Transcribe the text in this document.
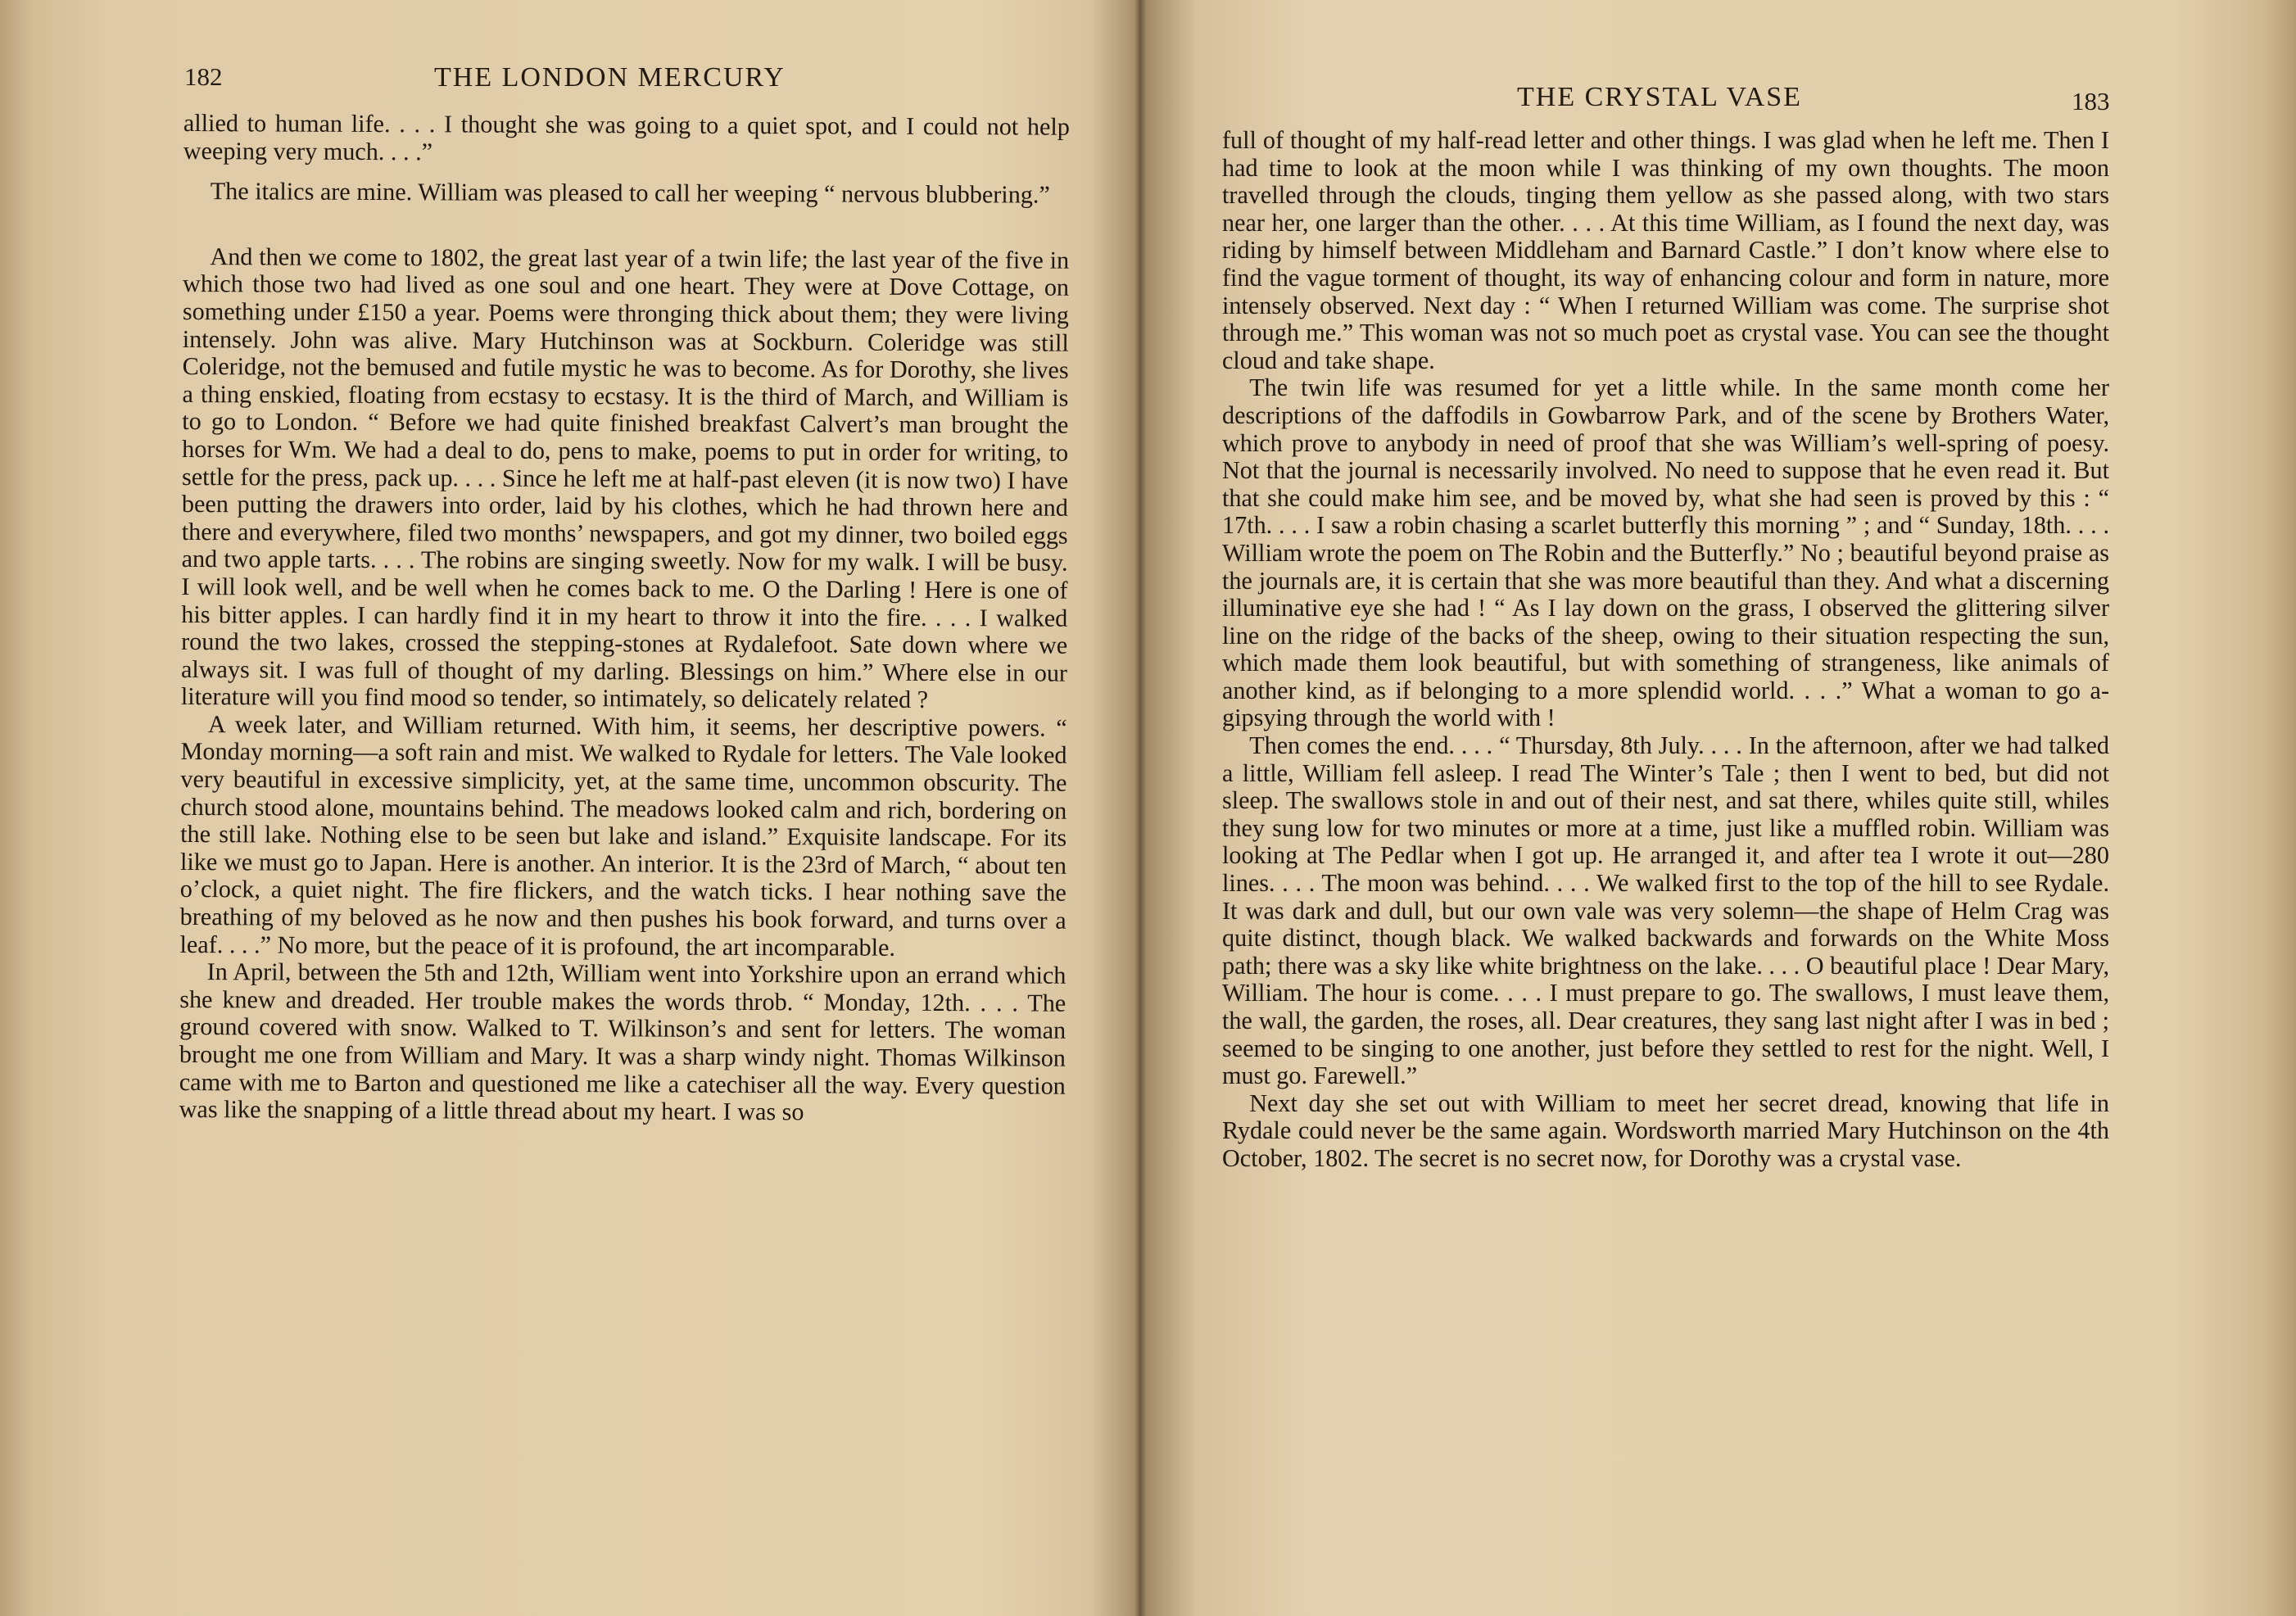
182	THE LONDON MERCURY

allied to human life. . . . I thought she was going to a quiet spot, and I could not help weeping very much. . . .”

The italics are mine. William was pleased to call her weeping “ nervous blubbering.”

And then we come to 1802, the great last year of a twin life; the last year of the five in which those two had lived as one soul and one heart. They were at Dove Cottage, on something under £150 a year. Poems were thronging thick about them; they were living intensely. John was alive. Mary Hutchinson was at Sockburn. Coleridge was still Coleridge, not the bemused and futile mystic he was to become. As for Dorothy, she lives a thing enskied, floating from ecstasy to ecstasy. It is the third of March, and William is to go to London. “ Before we had quite finished breakfast Calvert’s man brought the horses for Wm. We had a deal to do, pens to make, poems to put in order for writing, to settle for the press, pack up. . . . Since he left me at half-past eleven (it is now two) I have been putting the drawers into order, laid by his clothes, which he had thrown here and there and everywhere, filed two months’ newspapers, and got my dinner, two boiled eggs and two apple tarts. . . . The robins are singing sweetly. Now for my walk. I will be busy. I will look well, and be well when he comes back to me. O the Darling ! Here is one of his bitter apples. I can hardly find it in my heart to throw it into the fire. . . . I walked round the two lakes, crossed the stepping-stones at Rydalefoot. Sate down where we always sit. I was full of thought of my darling. Blessings on him.” Where else in our literature will you find mood so tender, so intimately, so delicately related ?

A week later, and William returned. With him, it seems, her descriptive powers. “ Monday morning—a soft rain and mist. We walked to Rydale for letters. The Vale looked very beautiful in excessive simplicity, yet, at the same time, uncommon obscurity. The church stood alone, mountains behind. The meadows looked calm and rich, bordering on the still lake. Nothing else to be seen but lake and island.” Exquisite landscape. For its like we must go to Japan. Here is another. An interior. It is the 23rd of March, “ about ten o’clock, a quiet night. The fire flickers, and the watch ticks. I hear nothing save the breathing of my beloved as he now and then pushes his book forward, and turns over a leaf. . . .” No more, but the peace of it is profound, the art incomparable.

In April, between the 5th and 12th, William went into Yorkshire upon an errand which she knew and dreaded. Her trouble makes the words throb. “ Monday, 12th. . . . The ground covered with snow. Walked to T. Wilkinson’s and sent for letters. The woman brought me one from William and Mary. It was a sharp windy night. Thomas Wilkinson came with me to Barton and questioned me like a catechiser all the way. Every question was like the snapping of a little thread about my heart. I was so

THE CRYSTAL VASE	183

full of thought of my half-read letter and other things. I was glad when he left me. Then I had time to look at the moon while I was thinking of my own thoughts. The moon travelled through the clouds, tinging them yellow as she passed along, with two stars near her, one larger than the other. . . . At this time William, as I found the next day, was riding by himself between Middleham and Barnard Castle.” I don’t know where else to find the vague torment of thought, its way of enhancing colour and form in nature, more intensely observed. Next day : “ When I returned William was come. The surprise shot through me.” This woman was not so much poet as crystal vase. You can see the thought cloud and take shape.

The twin life was resumed for yet a little while. In the same month come her descriptions of the daffodils in Gowbarrow Park, and of the scene by Brothers Water, which prove to anybody in need of proof that she was William’s well-spring of poesy. Not that the journal is necessarily involved. No need to suppose that he even read it. But that she could make him see, and be moved by, what she had seen is proved by this : “ 17th. . . . I saw a robin chasing a scarlet butterfly this morning ” ; and “ Sunday, 18th. . . . William wrote the poem on The Robin and the Butterfly.” No ; beautiful beyond praise as the journals are, it is certain that she was more beautiful than they. And what a discerning illuminative eye she had ! “ As I lay down on the grass, I observed the glittering silver line on the ridge of the backs of the sheep, owing to their situation respecting the sun, which made them look beautiful, but with something of strangeness, like animals of another kind, as if belonging to a more splendid world. . . .” What a woman to go a-gipsying through the world with !

Then comes the end. . . . “ Thursday, 8th July. . . . In the afternoon, after we had talked a little, William fell asleep. I read The Winter’s Tale ; then I went to bed, but did not sleep. The swallows stole in and out of their nest, and sat there, whiles quite still, whiles they sung low for two minutes or more at a time, just like a muffled robin. William was looking at The Pedlar when I got up. He arranged it, and after tea I wrote it out—280 lines. . . . The moon was behind. . . . We walked first to the top of the hill to see Rydale. It was dark and dull, but our own vale was very solemn—the shape of Helm Crag was quite distinct, though black. We walked backwards and forwards on the White Moss path; there was a sky like white brightness on the lake. . . . O beautiful place ! Dear Mary, William. The hour is come. . . . I must prepare to go. The swallows, I must leave them, the wall, the garden, the roses, all. Dear creatures, they sang last night after I was in bed ; seemed to be singing to one another, just before they settled to rest for the night. Well, I must go. Farewell.”

Next day she set out with William to meet her secret dread, knowing that life in Rydale could never be the same again. Wordsworth married Mary Hutchinson on the 4th October, 1802. The secret is no secret now, for Dorothy was a crystal vase.
